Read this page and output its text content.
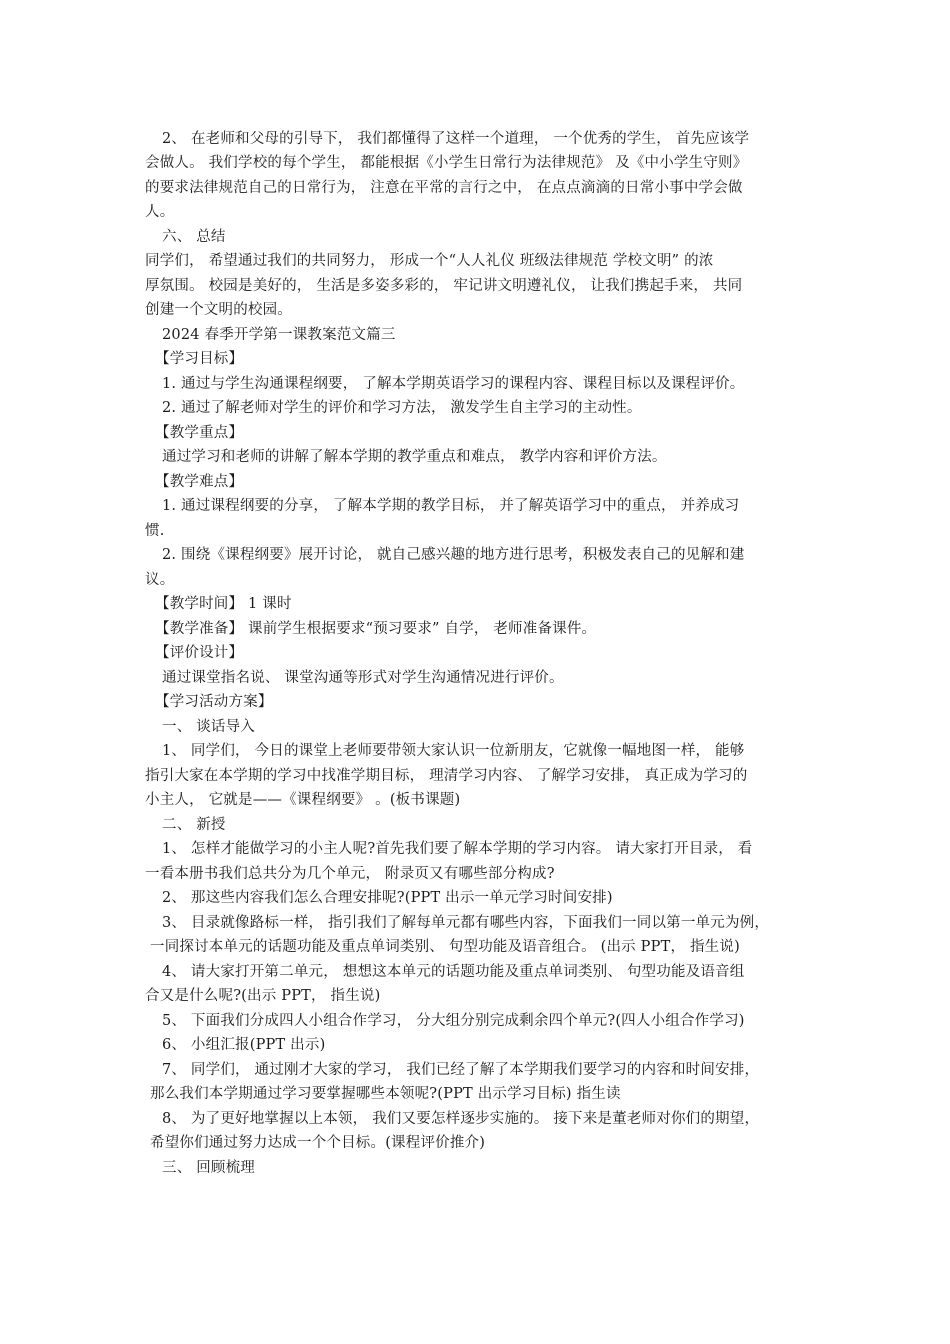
2、 在老师和父母的引导下， 我们都懂得了这样一个道理， 一个优秀的学生， 首先应该学
会做人。 我们学校的每个学生， 都能根据《小学生日常行为法律规范》 及《中小学生守则》
的要求法律规范自己的日常行为， 注意在平常的言行之中， 在点点滴滴的日常小事中学会做
人。
六、 总结
同学们， 希望通过我们的共同努力， 形成一个“人人礼仪 班级法律规范 学校文明” 的浓
厚氛围。 校园是美好的， 生活是多姿多彩的， 牢记讲文明遵礼仪， 让我们携起手来， 共同
创建一个文明的校园。
2024 春季开学第一课教案范文篇三
【学习目标】
1. 通过与学生沟通课程纲要， 了解本学期英语学习的课程内容、课程目标以及课程评价。
2. 通过了解老师对学生的评价和学习方法， 激发学生自主学习的主动性。
【教学重点】
通过学习和老师的讲解了解本学期的教学重点和难点， 教学内容和评价方法。
【教学难点】
1. 通过课程纲要的分享， 了解本学期的教学目标， 并了解英语学习中的重点， 并养成习
惯.
2. 围绕《课程纲要》展开讨论， 就自己感兴趣的地方进行思考，积极发表自己的见解和建
议。
【教学时间】 1 课时
【教学准备】 课前学生根据要求“预习要求” 自学， 老师准备课件。
【评价设计】
通过课堂指名说、 课堂沟通等形式对学生沟通情况进行评价。
【学习活动方案】
一、 谈话导入
1、 同学们， 今日的课堂上老师要带领大家认识一位新朋友，它就像一幅地图一样， 能够
指引大家在本学期的学习中找准学期目标， 理清学习内容、 了解学习安排， 真正成为学习的
小主人， 它就是——《课程纲要》 。(板书课题)
二、 新授
1、 怎样才能做学习的小主人呢?首先我们要了解本学期的学习内容。 请大家打开目录， 看
一看本册书我们总共分为几个单元， 附录页又有哪些部分构成?
2、 那这些内容我们怎么合理安排呢?(PPT 出示一单元学习时间安排)
3、 目录就像路标一样， 指引我们了解每单元都有哪些内容，下面我们一同以第一单元为例，
一同探讨本单元的话题功能及重点单词类别、 句型功能及语音组合。 (出示 PPT， 指生说)
4、 请大家打开第二单元， 想想这本单元的话题功能及重点单词类别、 句型功能及语音组
合又是什么呢?(出示 PPT， 指生说)
5、 下面我们分成四人小组合作学习， 分大组分别完成剩余四个单元?(四人小组合作学习)
6、 小组汇报(PPT 出示)
7、 同学们， 通过刚才大家的学习， 我们已经了解了本学期我们要学习的内容和时间安排，
那么我们本学期通过学习要掌握哪些本领呢?(PPT 出示学习目标) 指生读
8、 为了更好地掌握以上本领， 我们又要怎样逐步实施的。 接下来是董老师对你们的期望，
希望你们通过努力达成一个个目标。(课程评价推介)
三、 回顾梳理
